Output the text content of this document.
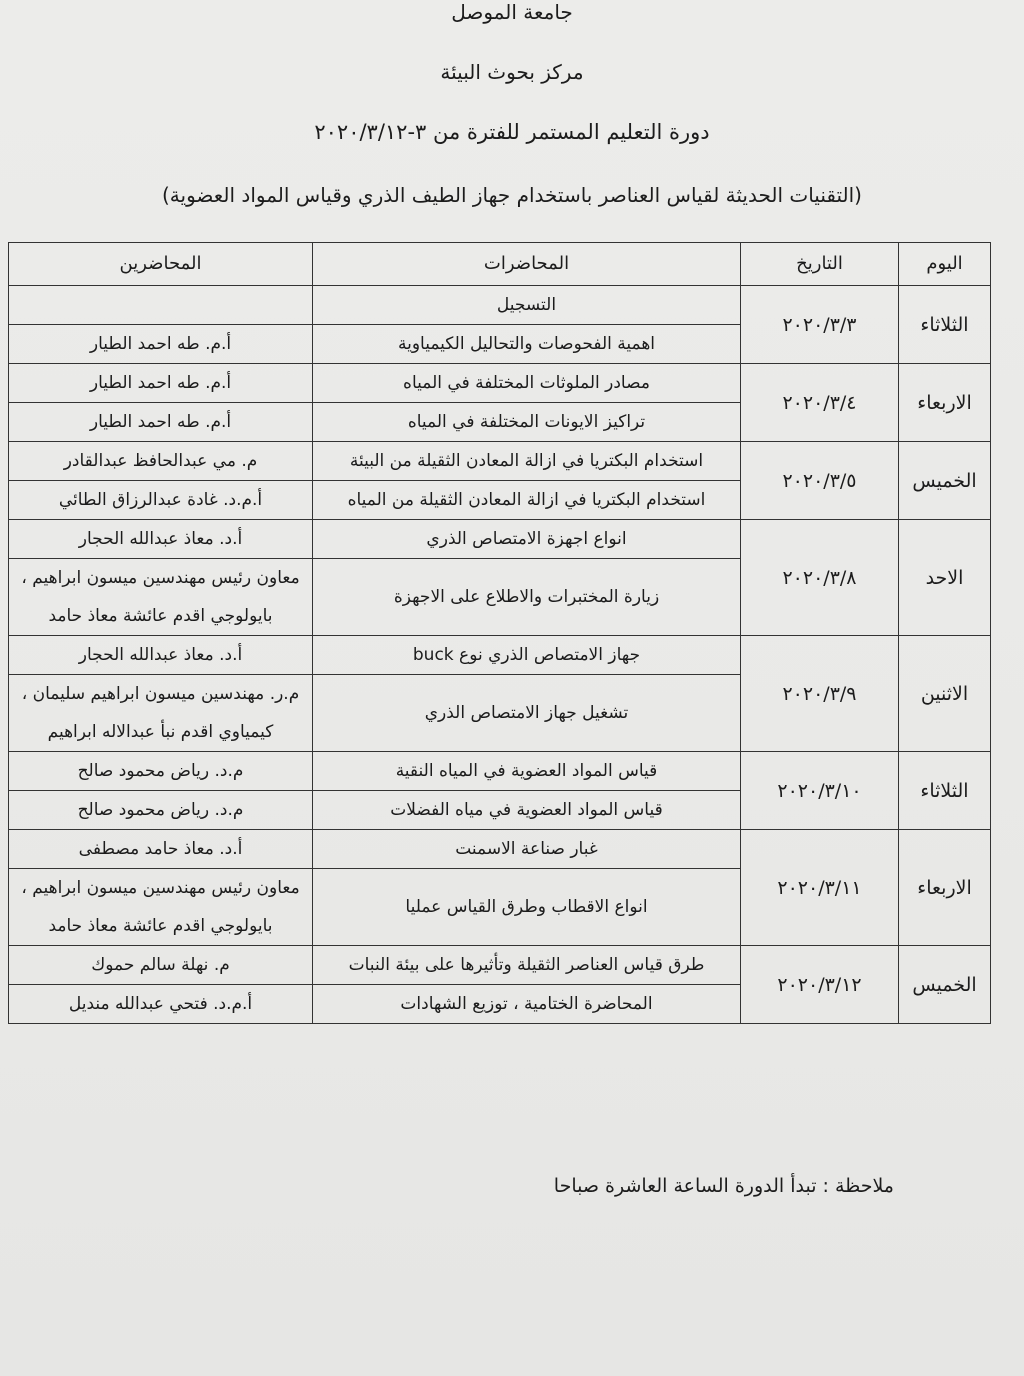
جامعة الموصل
مركز بحوث البيئة
دورة التعليم المستمر للفترة من ٣-٢٠٢٠/٣/١٢
(التقنيات الحديثة لقياس العناصر باستخدام جهاز الطيف الذري وقياس المواد العضوية)
اليوم	التاريخ	المحاضرات	المحاضرين
الثلاثاء	٢٠٢٠/٣/٣	التسجيل	
		اهمية الفحوصات والتحاليل الكيمياوية	أ.م. طه احمد الطيار
الاربعاء	٢٠٢٠/٣/٤	مصادر الملوثات المختلفة في المياه	أ.م. طه احمد الطيار
		تراكيز الايونات المختلفة في المياه	أ.م. طه احمد الطيار
الخميس	٢٠٢٠/٣/٥	استخدام البكتريا في ازالة المعادن الثقيلة من البيئة	م. مي عبدالحافظ عبدالقادر
		استخدام البكتريا في ازالة المعادن الثقيلة من المياه	أ.م.د. غادة عبدالرزاق الطائي
الاحد	٢٠٢٠/٣/٨	انواع اجهزة الامتصاص الذري	أ.د. معاذ عبدالله الحجار
		زيارة المختبرات والاطلاع على الاجهزة	معاون رئيس مهندسين ميسون ابراهيم ، بايولوجي اقدم عائشة معاذ حامد
الاثنين	٢٠٢٠/٣/٩	جهاز الامتصاص الذري نوع buck	أ.د. معاذ عبدالله الحجار
		تشغيل جهاز الامتصاص الذري	م.ر. مهندسين ميسون ابراهيم سليمان ، كيمياوي اقدم نبأ عبدالاله ابراهيم
الثلاثاء	٢٠٢٠/٣/١٠	قياس المواد العضوية في المياه النقية	م.د. رياض محمود صالح
		قياس المواد العضوية في مياه الفضلات	م.د. رياض محمود صالح
الاربعاء	٢٠٢٠/٣/١١	غبار صناعة الاسمنت	أ.د. معاذ حامد مصطفى
		انواع الاقطاب وطرق القياس عمليا	معاون رئيس مهندسين ميسون ابراهيم ، بايولوجي اقدم عائشة معاذ حامد
الخميس	٢٠٢٠/٣/١٢	طرق قياس العناصر الثقيلة وتأثيرها على بيئة النبات	م. نهلة سالم حموك
		المحاضرة الختامية ، توزيع الشهادات	أ.م.د. فتحي عبدالله منديل
ملاحظة : تبدأ الدورة الساعة العاشرة صباحا
